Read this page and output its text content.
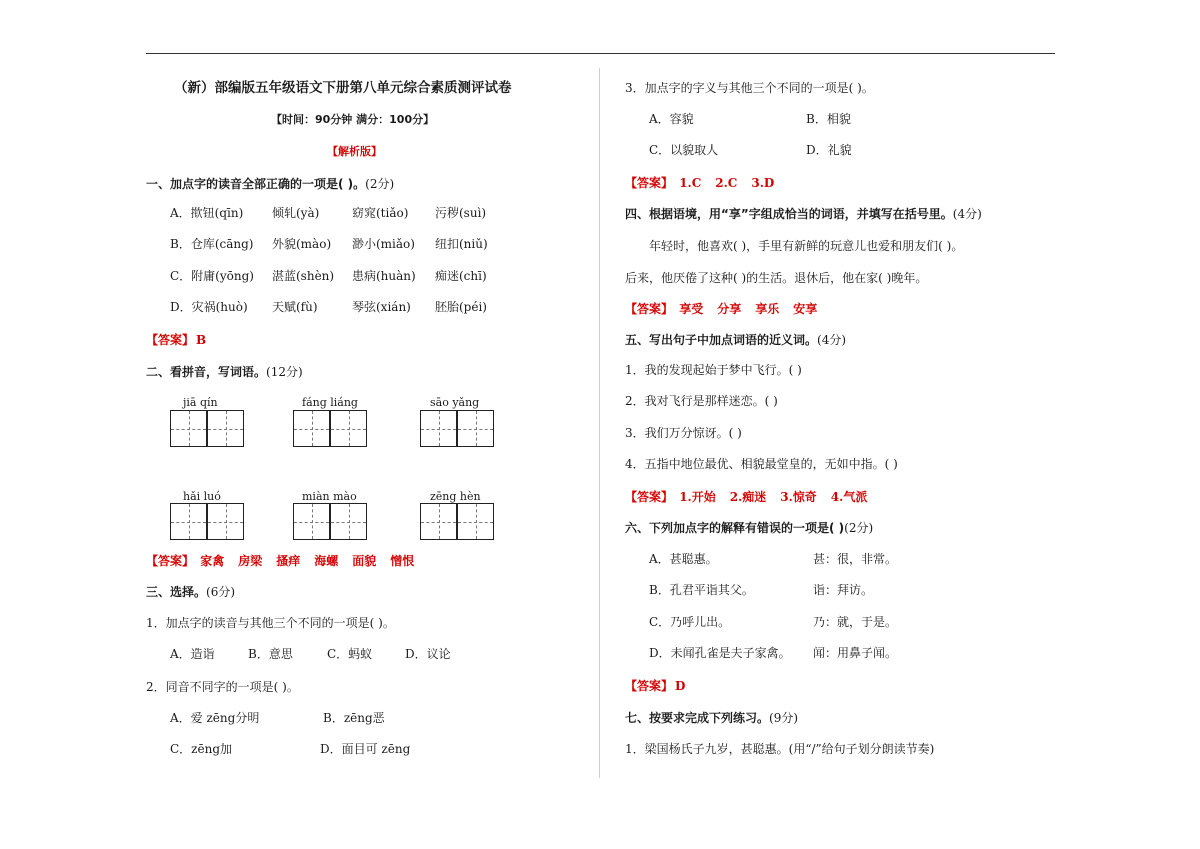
（新）部编版五年级语文下册第八单元综合素质测评试卷
【时间：90分钟 满分：100分】
【解析版】
一、加点字的读音全部正确的一项是( )。(2分)
A．揿钮(qīn) 倾轧(yà)	窈窕(tiǎo) 污秽(suì)
B．仓库(cāng) 外貌(mào) 渺小(miǎo) 纽扣(niǔ)
C．附庸(yōng) 湛蓝(shèn) 患病(huàn) 痴迷(chī)
D．灾祸(huò) 天赋(fù)	琴弦(xián) 胚胎(péi)
【答案】 B
二、看拼音，写词语。(12分)
jiā qín	fáng liáng	sāo yǎng
hǎi luó	miàn mào	zēng hèn
【答案】 家禽 房梁 搔痒 海螺 面貌 憎恨
三、选择。(6分)
1．加点字的读音与其他三个不同的一项是( )。
A．造诣	B．意思	C．蚂蚁	D．议论
2．同音不同字的一项是( )。
A．爱 zēng分明	B．zēng恶
C．zēng加	D．面目可 zēng
3．加点字的字义与其他三个不同的一项是( )。
A．容貌	B．相貌
C．以貌取人	D．礼貌
【答案】 1.C 2.C 3.D
四、根据语境，用“享”字组成恰当的词语，并填写在括号里。(4分)
年轻时，他喜欢( )，手里有新鲜的玩意儿也爱和朋友们( )。
后来，他厌倦了这种( )的生活。退休后，他在家( )晚年。
【答案】 享受 分享 享乐 安享
五、写出句子中加点词语的近义词。(4分)
1．我的发现起始于梦中飞行。( )
2．我对飞行是那样迷恋。( )
3．我们万分惊讶。( )
4．五指中地位最优、相貌最堂皇的，无如中指。( )
【答案】 1.开始 2.痴迷 3.惊奇 4.气派
六、下列加点字的解释有错误的一项是( )(2分)
A．甚聪惠。	甚：很，非常。
B．孔君平诣其父。	诣：拜访。
C．乃呼儿出。	乃：就，于是。
D．未闻孔雀是夫子家禽。 闻：用鼻子闻。
【答案】 D
七、按要求完成下列练习。(9分)
1．梁国杨氏子九岁，甚聪惠。(用“/”给句子划分朗读节奏)
